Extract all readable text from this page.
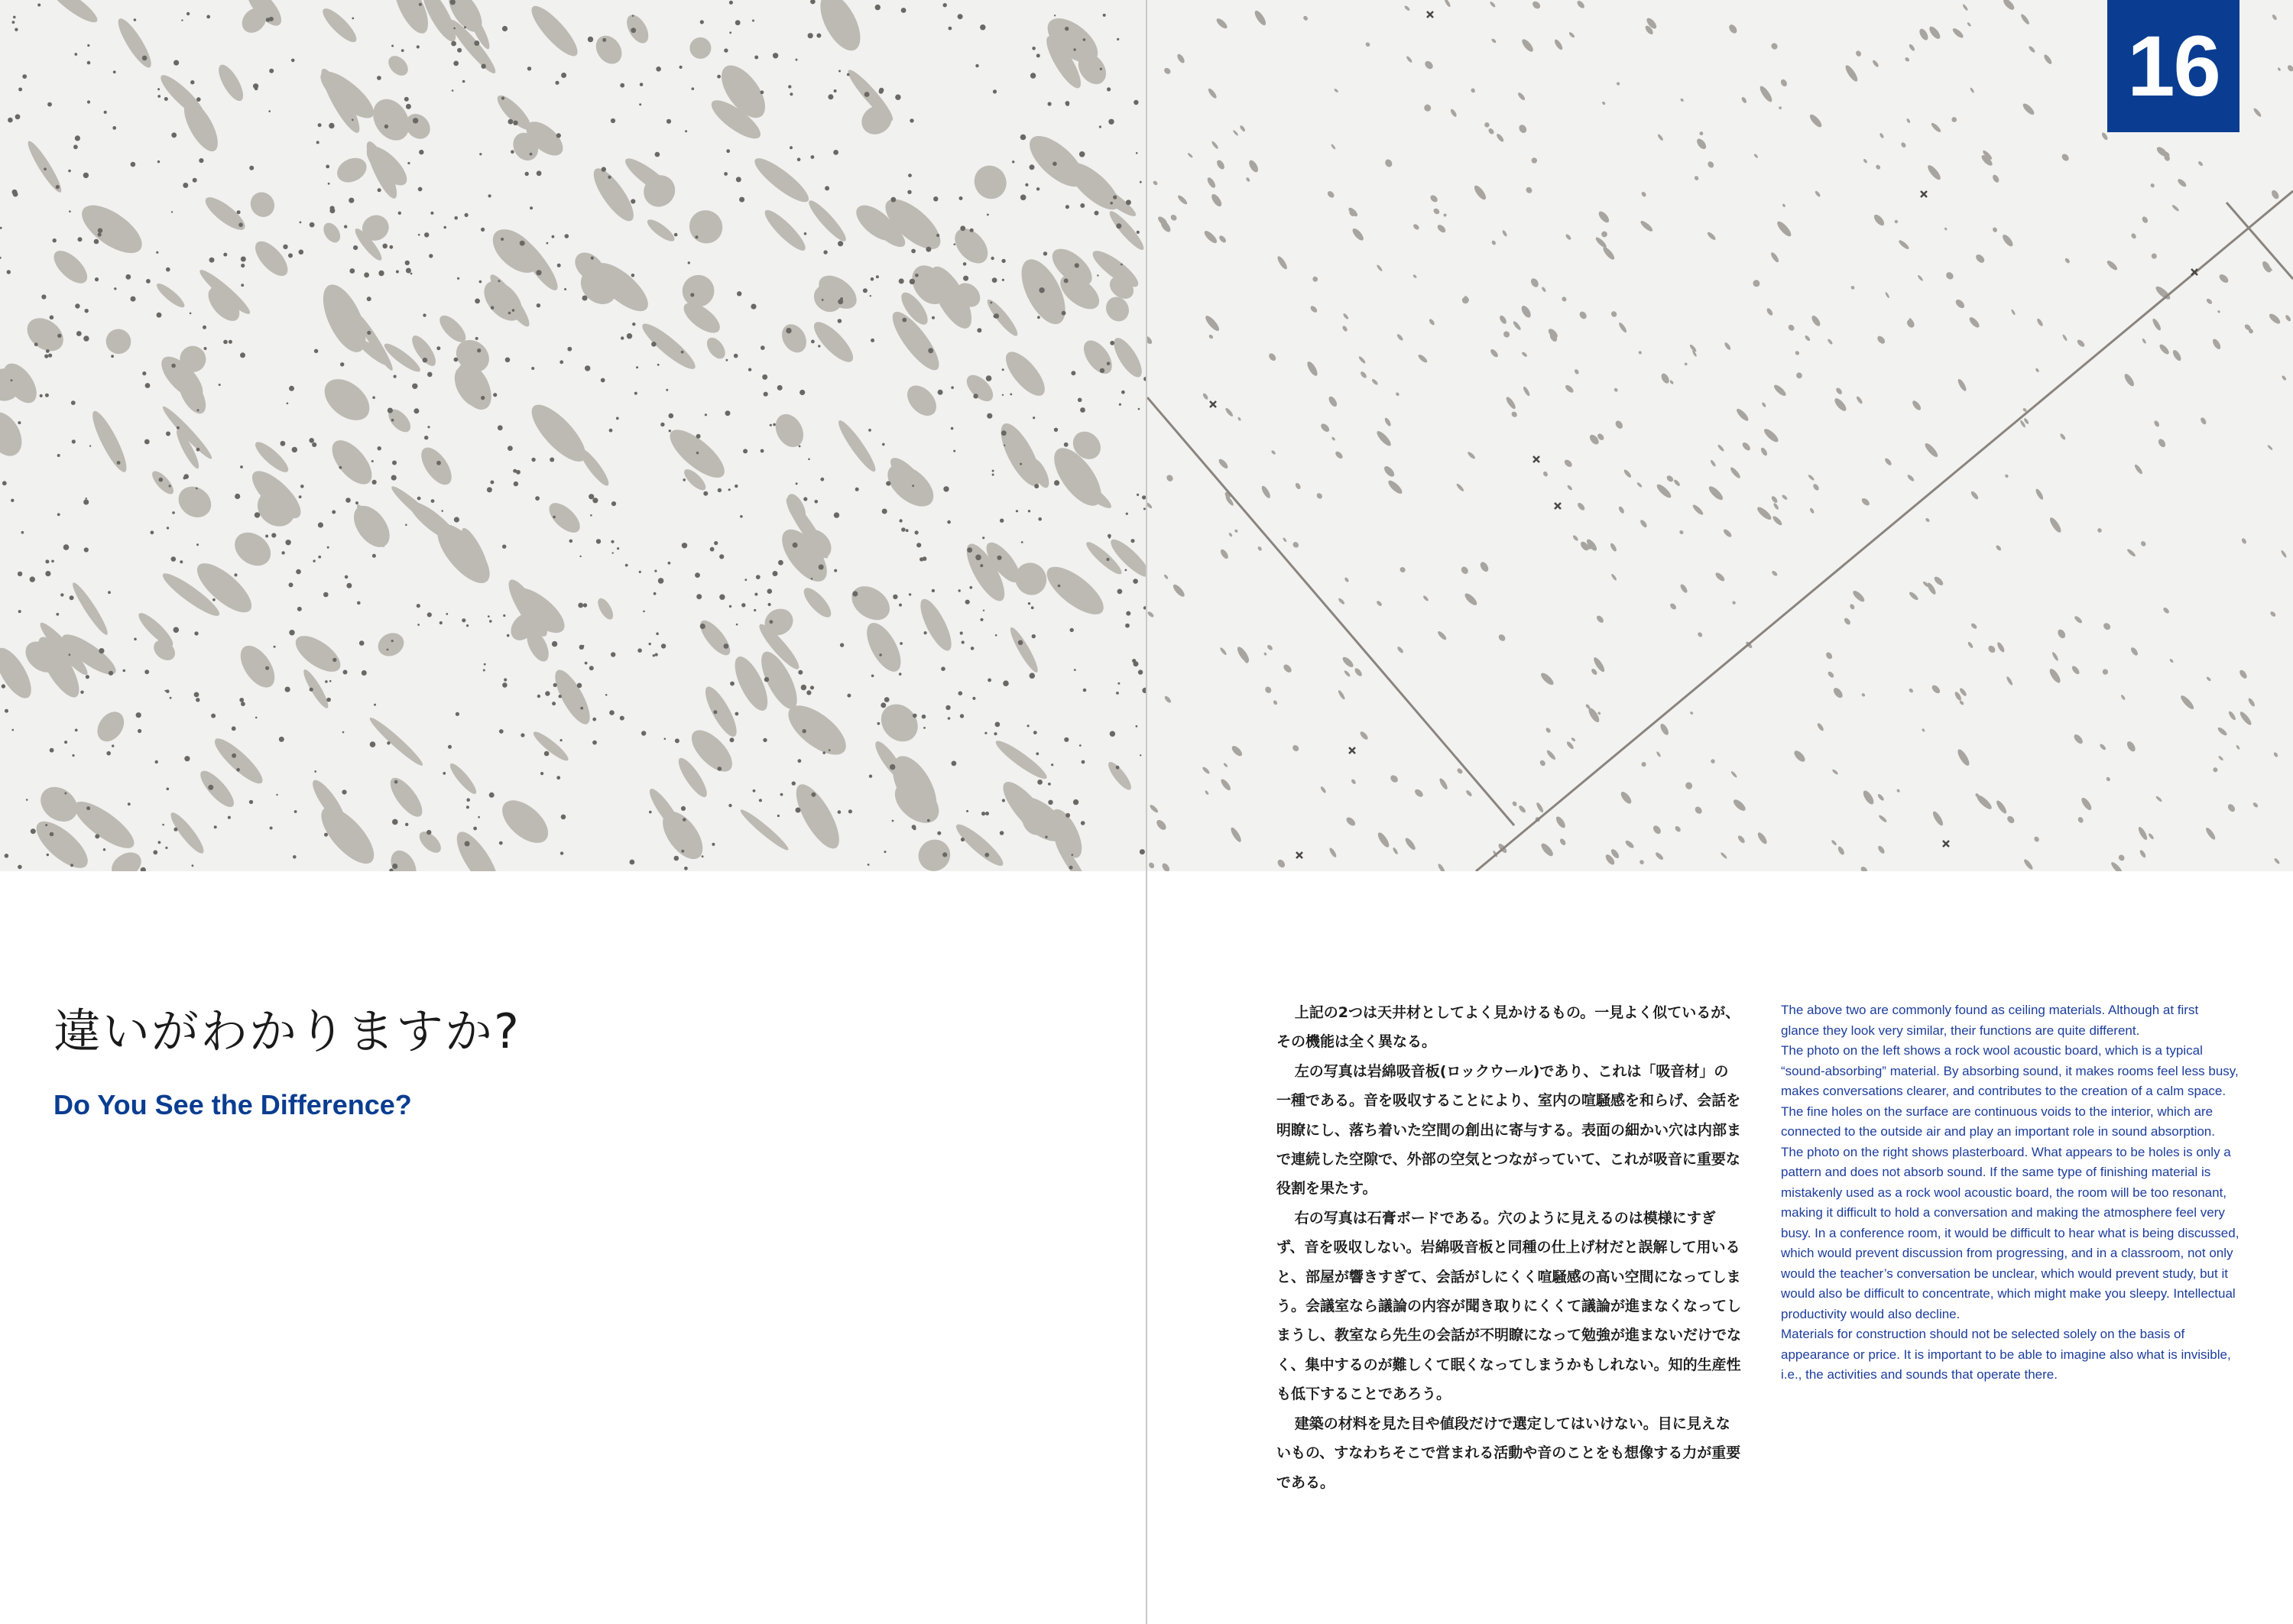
16
違いがわかりますか?
Do You See the Difference?

上記の2つは天井材としてよく見かけるもの。一見よく似ているが、その機能は全く異なる。

左の写真は岩綿吸音板(ロックウール)であり、これは「吸音材」の一種である。音を吸収することにより、室内の喧騒感を和らげ、会話を明瞭にし、落ち着いた空間の創出に寄与する。表面の細かい穴は内部まで連続した空隙で、外部の空気とつながっていて、これが吸音に重要な役割を果たす。

右の写真は石膏ボードである。穴のように見えるのは模様にすぎず、音を吸収しない。岩綿吸音板と同種の仕上げ材だと誤解して用いると、部屋が響きすぎて、会話がしにくく喧騒感の高い空間になってしまう。会議室なら議論の内容が聞き取りにくくて議論が進まなくなってしまうし、教室なら先生の会話が不明瞭になって勉強が進まないだけでなく、集中するのが難しくて眠くなってしまうかもしれない。知的生産性も低下することであろう。

建築の材料を見た目や値段だけで選定してはいけない。目に見えないもの、すなわちそこで営まれる活動や音のことをも想像する力が重要である。

The above two are commonly found as ceiling materials. Although at first glance they look very similar, their functions are quite different.

The photo on the left shows a rock wool acoustic board, which is a typical “sound-absorbing” material. By absorbing sound, it makes rooms feel less busy, makes conversations clearer, and contributes to the creation of a calm space. The fine holes on the surface are continuous voids to the interior, which are connected to the outside air and play an important role in sound absorption.

The photo on the right shows plasterboard. What appears to be holes is only a pattern and does not absorb sound. If the same type of finishing material is mistakenly used as a rock wool acoustic board, the room will be too resonant, making it difficult to hold a conversation and making the atmosphere feel very busy. In a conference room, it would be difficult to hear what is being discussed, which would prevent discussion from progressing, and in a classroom, not only would the teacher’s conversation be unclear, which would prevent study, but it would also be difficult to concentrate, which might make you sleepy. Intellectual productivity would also decline.

Materials for construction should not be selected solely on the basis of appearance or price. It is important to be able to imagine also what is invisible, i.e., the activities and sounds that operate there.
